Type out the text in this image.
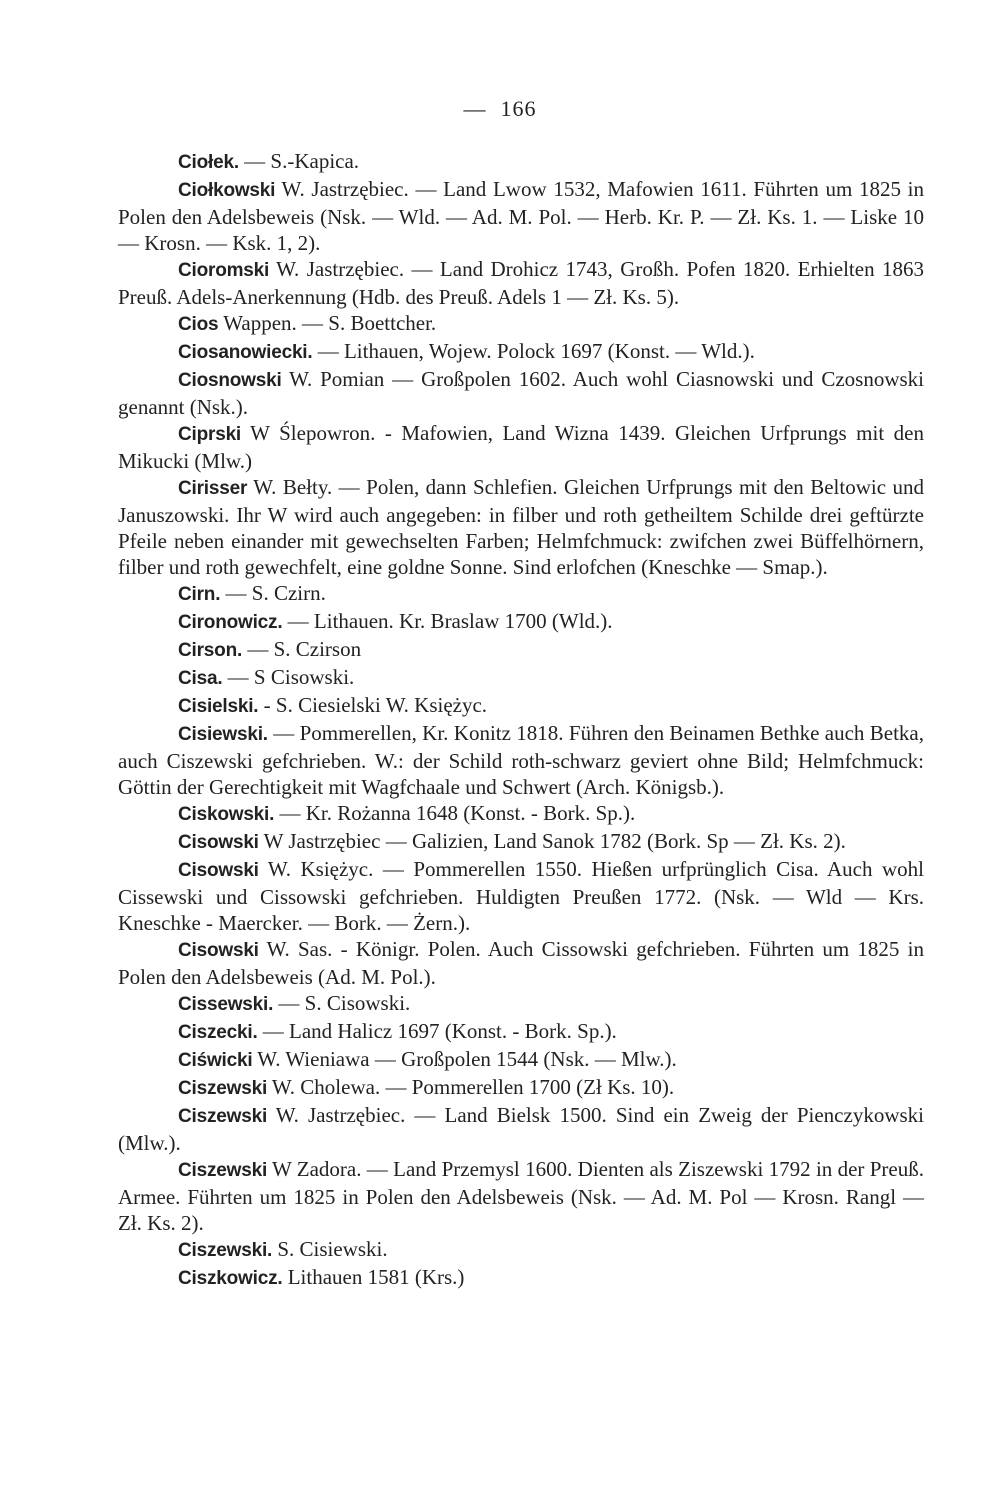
— 166

Ciołek. — S.-Kapica.

Ciołkowski W. Jastrzębiec. — Land Lwow 1532, Mafowien 1611. Führten um 1825 in Polen den Adelsbeweis (Nsk. — Wld. — Ad. M. Pol. — Herb. Kr. P. — Zł. Ks. 1. — Liske 10 — Krosn. — Ksk. 1, 2).

Cioromski W. Jastrzębiec. — Land Drohicz 1743, Großh. Pofen 1820. Erhielten 1863 Preuß. Adels-Anerkennung (Hdb. des Preuß. Adels 1 — Zł. Ks. 5).

Cios Wappen. — S. Boettcher.

Ciosanowiecki. — Lithauen, Wojew. Polock 1697 (Konst. — Wld.).

Ciosnowski W. Pomian — Großpolen 1602. Auch wohl Ciasnowski und Czosnowski genannt (Nsk.).

Ciprski W Ślepowron. - Mafowien, Land Wizna 1439. Gleichen Urfprungs mit den Mikucki (Mlw.)

Cirisser W. Bełty. — Polen, dann Schlefien. Gleichen Urfprungs mit den Beltowic und Januszowski. Ihr W wird auch angegeben: in filber und roth getheiltem Schilde drei geftürzte Pfeile neben einander mit gewechselten Farben; Helmfchmuck: zwifchen zwei Büffelhörnern, filber und roth gewechfelt, eine goldne Sonne. Sind erlofchen (Kneschke — Smap.).

Cirn. — S. Czirn.

Cironowicz. — Lithauen. Kr. Braslaw 1700 (Wld.).

Cirson. — S. Czirson

Cisa. — S Cisowski.

Cisielski. - S. Ciesielski W. Księżyc.

Cisiewski. — Pommerellen, Kr. Konitz 1818. Führen den Beinamen Bethke auch Betka, auch Ciszewski gefchrieben. W.: der Schild roth-schwarz geviert ohne Bild; Helmfchmuck: Göttin der Gerechtigkeit mit Wagfchaale und Schwert (Arch. Königsb.).

Ciskowski. — Kr. Rożanna 1648 (Konst. - Bork. Sp.).

Cisowski W Jastrzębiec — Galizien, Land Sanok 1782 (Bork. Sp — Zł. Ks. 2).

Cisowski W. Księżyc. — Pommerellen 1550. Hießen urfprünglich Cisa. Auch wohl Cissewski und Cissowski gefchrieben. Huldigten Preußen 1772. (Nsk. — Wld — Krs. Kneschke - Maercker. — Bork. — Żern.).

Cisowski W. Sas. - Königr. Polen. Auch Cissowski gefchrieben. Führten um 1825 in Polen den Adelsbeweis (Ad. M. Pol.).

Cissewski. — S. Cisowski.

Ciszecki. — Land Halicz 1697 (Konst. - Bork. Sp.).

Ciświcki W. Wieniawa — Großpolen 1544 (Nsk. — Mlw.).

Ciszewski W. Cholewa. — Pommerellen 1700 (Zł Ks. 10).

Ciszewski W. Jastrzębiec. — Land Bielsk 1500. Sind ein Zweig der Pienczykowski (Mlw.).

Ciszewski W Zadora. — Land Przemysl 1600. Dienten als Ziszewski 1792 in der Preuß. Armee. Führten um 1825 in Polen den Adelsbeweis (Nsk. — Ad. M. Pol — Krosn. Rangl — Zł. Ks. 2).

Ciszewski. S. Cisiewski.

Ciszkowicz. Lithauen 1581 (Krs.)
